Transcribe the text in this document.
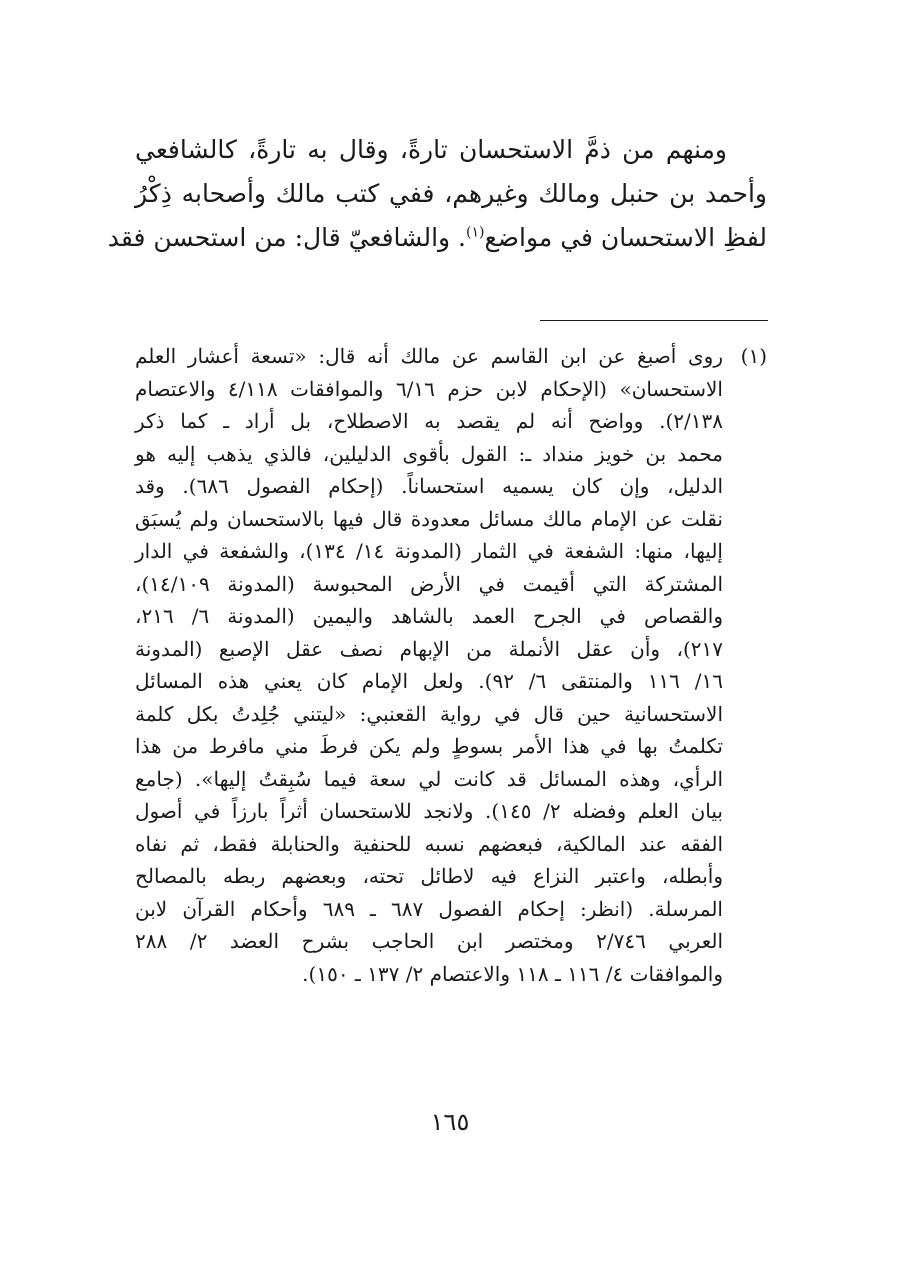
ومنهم من ذمَّ الاستحسان تارةً، وقال به تارةً، كالشافعي
وأحمد بن حنبل ومالك وغيرهم، ففي كتب مالك وأصحابه ذِكْرُ
لفظِ الاستحسان في مواضع$^{(١)}$. والشافعيّ قال: من استحسن فقد
(١)روى أصبغ عن ابن القاسم عن مالك أنه قال: «تسعة أعشار العلم
الاستحسان» (الإحكام لابن حزم ٦/١٦ والموافقات ٤/١١٨ والاعتصام
٢/١٣٨). وواضح أنه لم يقصد به الاصطلاح، بل أراد ـ كما ذكر
محمد بن خويز منداد ـ: القول بأقوى الدليلين، فالذي يذهب إليه هو
الدليل، وإن كان يسميه استحساناً. (إحكام الفصول ٦٨٦). وقد
نقلت عن الإمام مالك مسائل معدودة قال فيها بالاستحسان ولم يُسبَق
إليها، منها: الشفعة في الثمار (المدونة ١٤/ ١٣٤)، والشفعة في الدار
المشتركة التي أقيمت في الأرض المحبوسة (المدونة ١٤/١٠٩)،
والقصاص في الجرح العمد بالشاهد واليمين (المدونة ٦/ ٢١٦،
٢١٧)، وأن عقل الأنملة من الإبهام نصف عقل الإصبع (المدونة
١٦/ ١١٦ والمنتقى ٦/ ٩٢). ولعل الإمام كان يعني هذه المسائل
الاستحسانية حين قال في رواية القعنبي: «ليتني جُلِدتُ بكل كلمة
تكلمتُ بها في هذا الأمر بسوطٍ ولم يكن فرطَ مني مافرط من هذا
الرأي، وهذه المسائل قد كانت لي سعة فيما سُبِقتُ إليها». (جامع
بيان العلم وفضله ٢/ ١٤٥). ولانجد للاستحسان أثراً بارزاً في أصول
الفقه عند المالكية، فبعضهم نسبه للحنفية والحنابلة فقط، ثم نفاه
وأبطله، واعتبر النزاع فيه لاطائل تحته، وبعضهم ربطه بالمصالح
المرسلة. (انظر: إحكام الفصول ٦٨٧ ـ ٦٨٩ وأحكام القرآن لابن
العربي ٢/٧٤٦ ومختصر ابن الحاجب بشرح العضد ٢/ ٢٨٨
والموافقات ٤/ ١١٦ ـ ١١٨ والاعتصام ٢/ ١٣٧ ـ ١٥٠).
١٦٥
